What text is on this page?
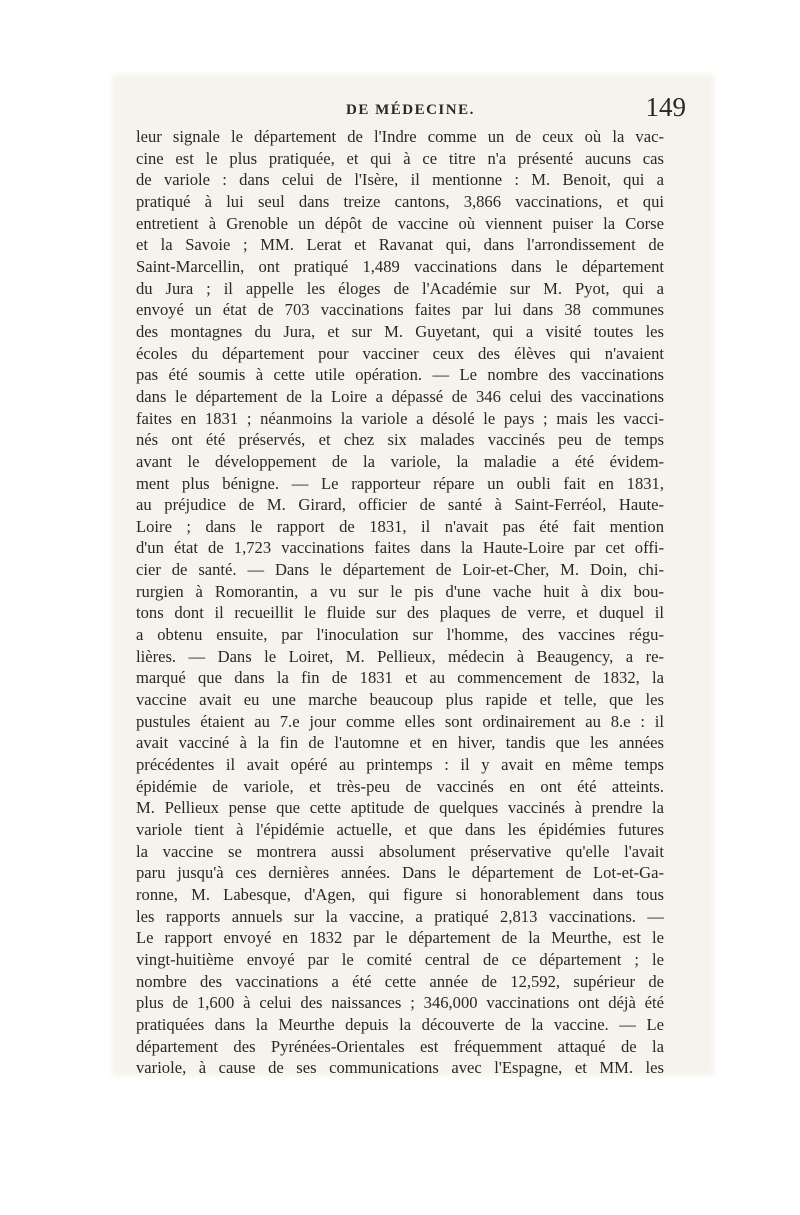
DE MÉDECINE.	149
leur signale le département de l'Indre comme un de ceux où la vac-
cine est le plus pratiquée, et qui à ce titre n'a présenté aucuns cas
de variole : dans celui de l'Isère, il mentionne : M. Benoit, qui a
pratiqué à lui seul dans treize cantons, 3,866 vaccinations, et qui
entretient à Grenoble un dépôt de vaccine où viennent puiser la Corse
et la Savoie ; MM. Lerat et Ravanat qui, dans l'arrondissement de
Saint-Marcellin, ont pratiqué 1,489 vaccinations dans le département
du Jura ; il appelle les éloges de l'Académie sur M. Pyot, qui a
envoyé un état de 703 vaccinations faites par lui dans 38 communes
des montagnes du Jura, et sur M. Guyetant, qui a visité toutes les
écoles du département pour vacciner ceux des élèves qui n'avaient
pas été soumis à cette utile opération. — Le nombre des vaccinations
dans le département de la Loire a dépassé de 346 celui des vaccinations
faites en 1831 ; néanmoins la variole a désolé le pays ; mais les vacci-
nés ont été préservés, et chez six malades vaccinés peu de temps
avant le développement de la variole, la maladie a été évidem-
ment plus bénigne. — Le rapporteur répare un oubli fait en 1831,
au préjudice de M. Girard, officier de santé à Saint-Ferréol, Haute-
Loire ; dans le rapport de 1831, il n'avait pas été fait mention
d'un état de 1,723 vaccinations faites dans la Haute-Loire par cet offi-
cier de santé. — Dans le département de Loir-et-Cher, M. Doin, chi-
rurgien à Romorantin, a vu sur le pis d'une vache huit à dix bou-
tons dont il recueillit le fluide sur des plaques de verre, et duquel il
a obtenu ensuite, par l'inoculation sur l'homme, des vaccines régu-
lières. — Dans le Loiret, M. Pellieux, médecin à Beaugency, a re-
marqué que dans la fin de 1831 et au commencement de 1832, la
vaccine avait eu une marche beaucoup plus rapide et telle, que les
pustules étaient au 7.e jour comme elles sont ordinairement au 8.e : il
avait vacciné à la fin de l'automne et en hiver, tandis que les années
précédentes il avait opéré au printemps : il y avait en même temps
épidémie de variole, et très-peu de vaccinés en ont été atteints.
M. Pellieux pense que cette aptitude de quelques vaccinés à prendre la
variole tient à l'épidémie actuelle, et que dans les épidémies futures
la vaccine se montrera aussi absolument préservative qu'elle l'avait
paru jusqu'à ces dernières années. Dans le département de Lot-et-Ga-
ronne, M. Labesque, d'Agen, qui figure si honorablement dans tous
les rapports annuels sur la vaccine, a pratiqué 2,813 vaccinations. —
Le rapport envoyé en 1832 par le département de la Meurthe, est le
vingt-huitième envoyé par le comité central de ce département ; le
nombre des vaccinations a été cette année de 12,592, supérieur de
plus de 1,600 à celui des naissances ; 346,000 vaccinations ont déjà été
pratiquées dans la Meurthe depuis la découverte de la vaccine. — Le
département des Pyrénées-Orientales est fréquemment attaqué de la
variole, à cause de ses communications avec l'Espagne, et MM. les
